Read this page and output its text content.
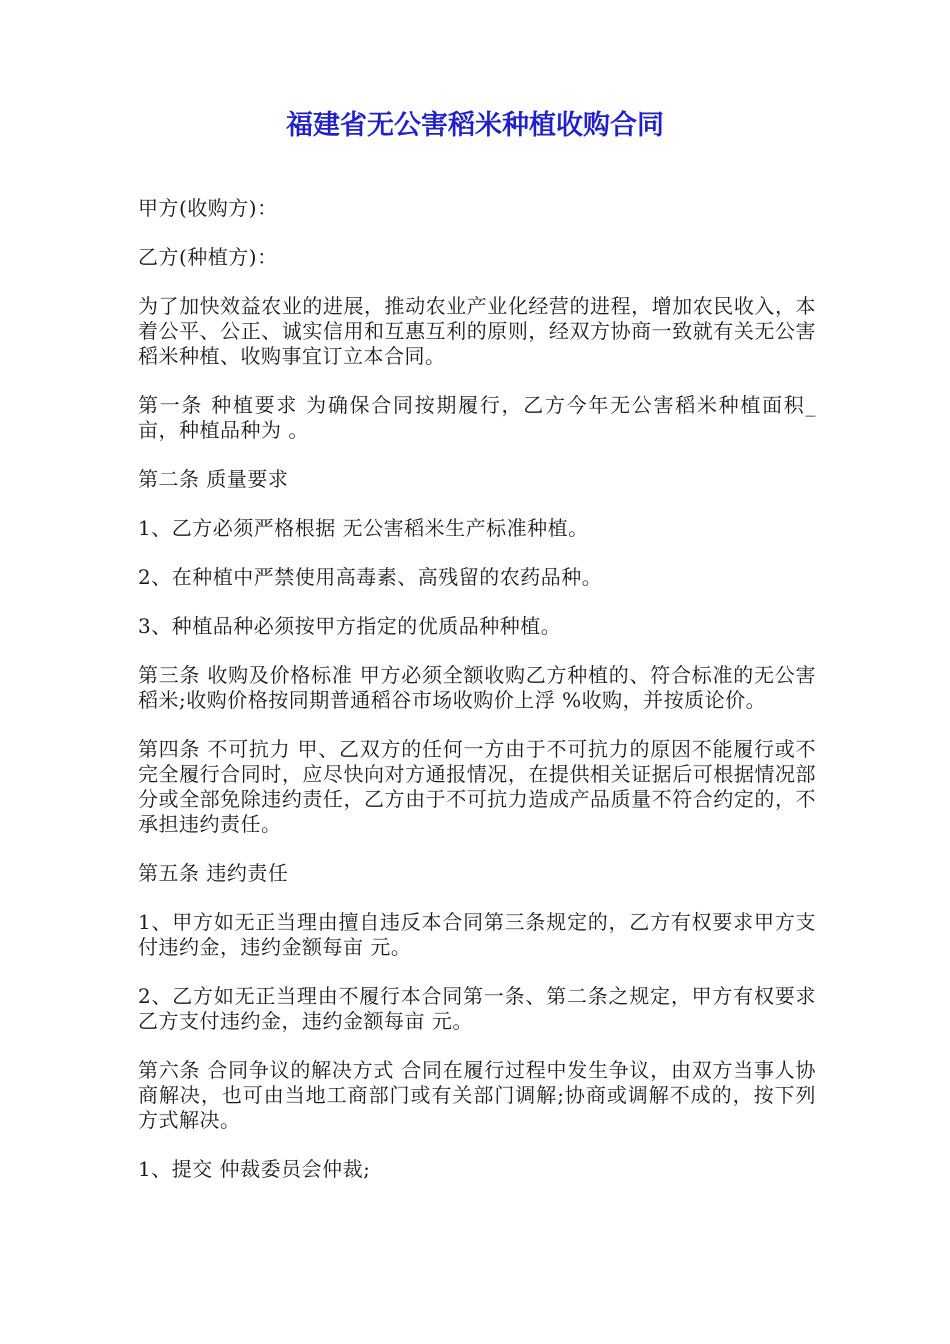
福建省无公害稻米种植收购合同

甲方(收购方)：

乙方(种植方)：

为了加快效益农业的进展，推动农业产业化经营的进程，增加农民收入，本着公平、公正、诚实信用和互惠互利的原则，经双方协商一致就有关无公害稻米种植、收购事宜订立本合同。

第一条 种植要求 为确保合同按期履行，乙方今年无公害稻米种植面积_ 亩，种植品种为 。

第二条 质量要求

1、乙方必须严格根据 无公害稻米生产标准种植。

2、在种植中严禁使用高毒素、高残留的农药品种。

3、种植品种必须按甲方指定的优质品种种植。

第三条 收购及价格标准 甲方必须全额收购乙方种植的、符合标准的无公害稻米;收购价格按同期普通稻谷市场收购价上浮 %收购，并按质论价。

第四条 不可抗力 甲、乙双方的任何一方由于不可抗力的原因不能履行或不完全履行合同时，应尽快向对方通报情况，在提供相关证据后可根据情况部分或全部免除违约责任，乙方由于不可抗力造成产品质量不符合约定的，不承担违约责任。

第五条 违约责任

1、甲方如无正当理由擅自违反本合同第三条规定的，乙方有权要求甲方支付违约金，违约金额每亩 元。

2、乙方如无正当理由不履行本合同第一条、第二条之规定，甲方有权要求乙方支付违约金，违约金额每亩 元。

第六条 合同争议的解决方式 合同在履行过程中发生争议，由双方当事人协商解决，也可由当地工商部门或有关部门调解;协商或调解不成的，按下列方式解决。

1、提交 仲裁委员会仲裁;
